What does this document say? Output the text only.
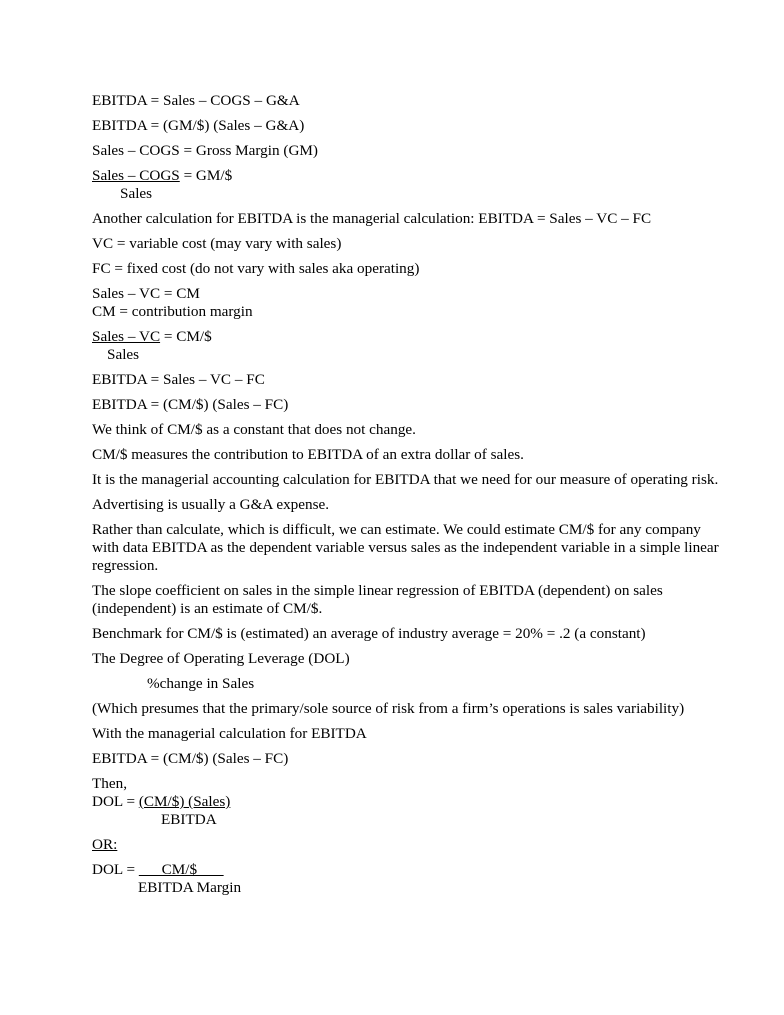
EBITDA = Sales – COGS – G&A

EBITDA = (GM/$) (Sales – G&A)

Sales – COGS = Gross Margin (GM)

Sales – COGS = GM/$
Sales

Another calculation for EBITDA is the managerial calculation: EBITDA = Sales – VC – FC

VC = variable cost (may vary with sales)

FC = fixed cost (do not vary with sales aka operating)

Sales – VC = CM
CM = contribution margin
Sales – VC = CM/$
Sales

EBITDA = Sales – VC – FC

EBITDA = (CM/$) (Sales – FC)

We think of CM/$ as a constant that does not change.

CM/$ measures the contribution to EBITDA of an extra dollar of sales.

It is the managerial accounting calculation for EBITDA that we need for our measure of operating risk.

Advertising is usually a G&A expense.

Rather than calculate, which is difficult, we can estimate. We could estimate CM/$ for any company with data EBITDA as the dependent variable versus sales as the independent variable in a simple linear regression.

The slope coefficient on sales in the simple linear regression of EBITDA (dependent) on sales (independent) is an estimate of CM/$.

Benchmark for CM/$ is (estimated) an average of industry average = 20% = .2 (a constant)

The Degree of Operating Leverage (DOL)

%change in Sales

(Which presumes that the primary/sole source of risk from a firm’s operations is sales variability)

With the managerial calculation for EBITDA

EBITDA = (CM/$) (Sales – FC)

Then,
DOL = (CM/$) (Sales)
EBITDA

OR:

DOL =       CM/$
EBITDA Margin
